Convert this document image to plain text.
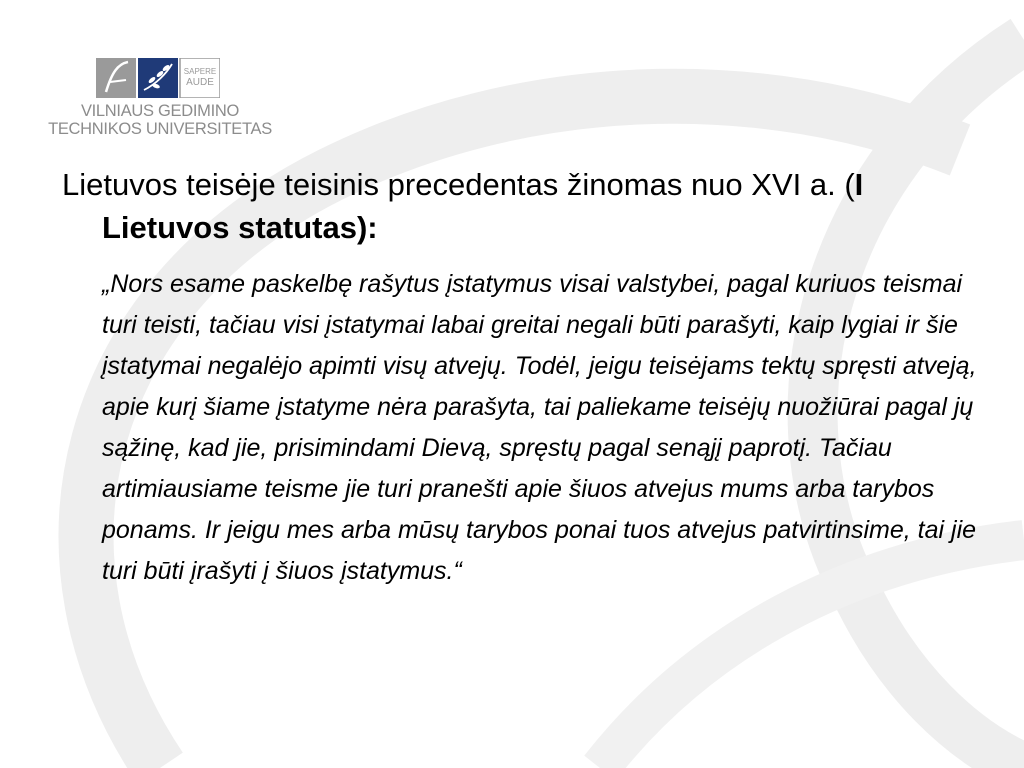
SAPERE
AUDE
VILNIAUS GEDIMINO
TECHNIKOS UNIVERSITETAS

Lietuvos teisėje teisinis precedentas žinomas nuo XVI a. (I Lietuvos statutas):

„Nors esame paskelbę rašytus įstatymus visai valstybei, pagal kuriuos teismai turi teisti, tačiau visi įstatymai labai greitai negali būti parašyti, kaip lygiai ir šie įstatymai negalėjo apimti visų atvejų. Todėl, jeigu teisėjams tektų spręsti atveją, apie kurį šiame įstatyme nėra parašyta, tai paliekame teisėjų nuožiūrai pagal jų sąžinę, kad jie, prisimindami Dievą, spręstų pagal senąjį paprotį. Tačiau artimiausiame teisme jie turi pranešti apie šiuos atvejus mums arba tarybos ponams. Ir jeigu mes arba mūsų tarybos ponai tuos atvejus patvirtinsime, tai jie turi būti įrašyti į šiuos įstatymus.“
